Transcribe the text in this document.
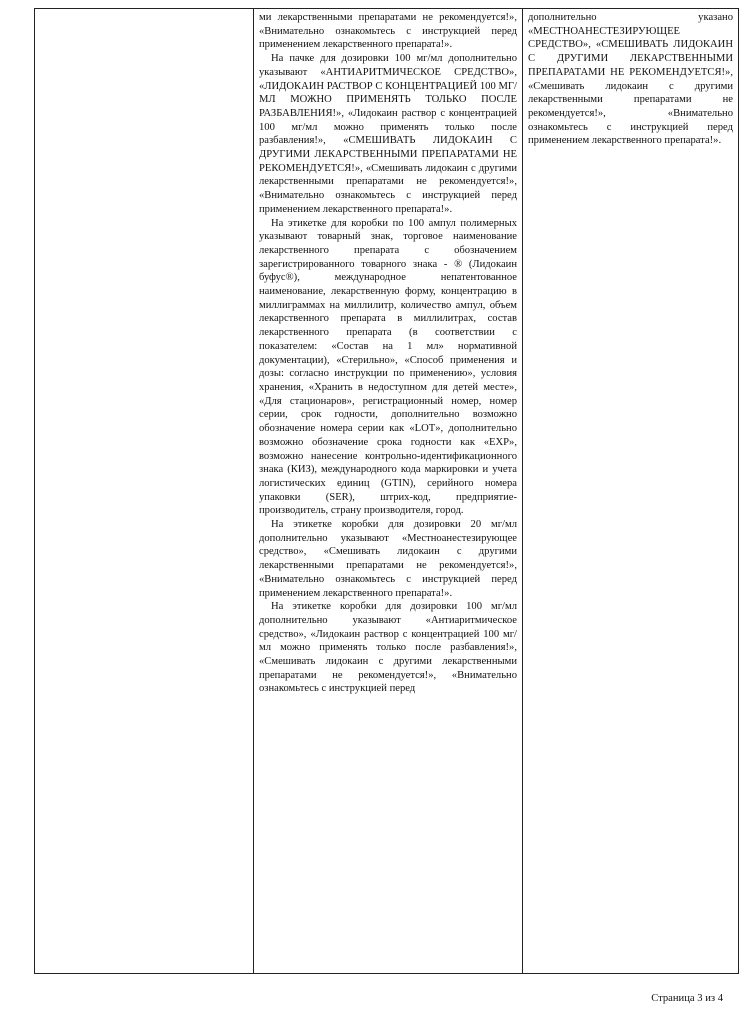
ми лекарственными препаратами не рекомендуется!», «Внимательно ознакомьтесь с инструкцией перед применением лекарственного препарата!».

На пачке для дозировки 100 мг/мл дополнительно указывают «АНТИАРИТМИЧЕСКОЕ СРЕДСТВО», «ЛИДОКАИН РАСТВОР С КОНЦЕНТРАЦИЕЙ 100 МГ/МЛ МОЖНО ПРИМЕНЯТЬ ТОЛЬКО ПОСЛЕ РАЗБАВЛЕНИЯ!», «Лидокаин раствор с концентрацией 100 мг/мл можно применять только после разбавления!», «СМЕШИВАТЬ ЛИДОКАИН С ДРУГИМИ ЛЕКАРСТВЕННЫМИ ПРЕПАРАТАМИ НЕ РЕКОМЕНДУЕТСЯ!», «Смешивать лидокаин с другими лекарственными препаратами не рекомендуется!», «Внимательно ознакомьтесь с инструкцией перед применением лекарственного препарата!».

На этикетке для коробки по 100 ампул полимерных указывают товарный знак, торговое наименование лекарственного препарата с обозначением зарегистрированного товарного знака - ® (Лидокаин буфус®), международное непатентованное наименование, лекарственную форму, концентрацию в миллиграммах на миллилитр, количество ампул, объем лекарственного препарата в миллилитрах, состав лекарственного препарата (в соответствии с показателем: «Состав на 1 мл» нормативной документации), «Стерильно», «Способ применения и дозы: согласно инструкции по применению», условия хранения, «Хранить в недоступном для детей месте», «Для стационаров», регистрационный номер, номер серии, срок годности, дополнительно возможно обозначение номера серии как «LOT», дополнительно возможно обозначение срока годности как «EXP», возможно нанесение контрольно-идентификационного знака (КИЗ), международного кода маркировки и учета логистических единиц (GTIN), серийного номера упаковки (SER), штрих-код, предприятие-производитель, страну производителя, город.

На этикетке коробки для дозировки 20 мг/мл дополнительно указывают «Местноанестезирующее средство», «Смешивать лидокаин с другими лекарственными препаратами не рекомендуется!», «Внимательно ознакомьтесь с инструкцией перед применением лекарственного препарата!».

На этикетке коробки для дозировки 100 мг/мл дополнительно указывают «Антиаритмическое средство», «Лидокаин раствор с концентрацией 100 мг/мл можно применять только после разбавления!», «Смешивать лидокаин с другими лекарственными препаратами не рекомендуется!», «Внимательно ознакомьтесь с инструкцией перед

дополнительно указано «МЕСТНОАНЕСТЕЗИРУЮЩЕЕ СРЕДСТВО», «СМЕШИВАТЬ ЛИДОКАИН С ДРУГИМИ ЛЕКАРСТВЕННЫМИ ПРЕПАРАТАМИ НЕ РЕКОМЕНДУЕТСЯ!», «Смешивать лидокаин с другими лекарственными препаратами не рекомендуется!», «Внимательно ознакомьтесь с инструкцией перед применением лекарственного препарата!».

Страница 3 из 4
